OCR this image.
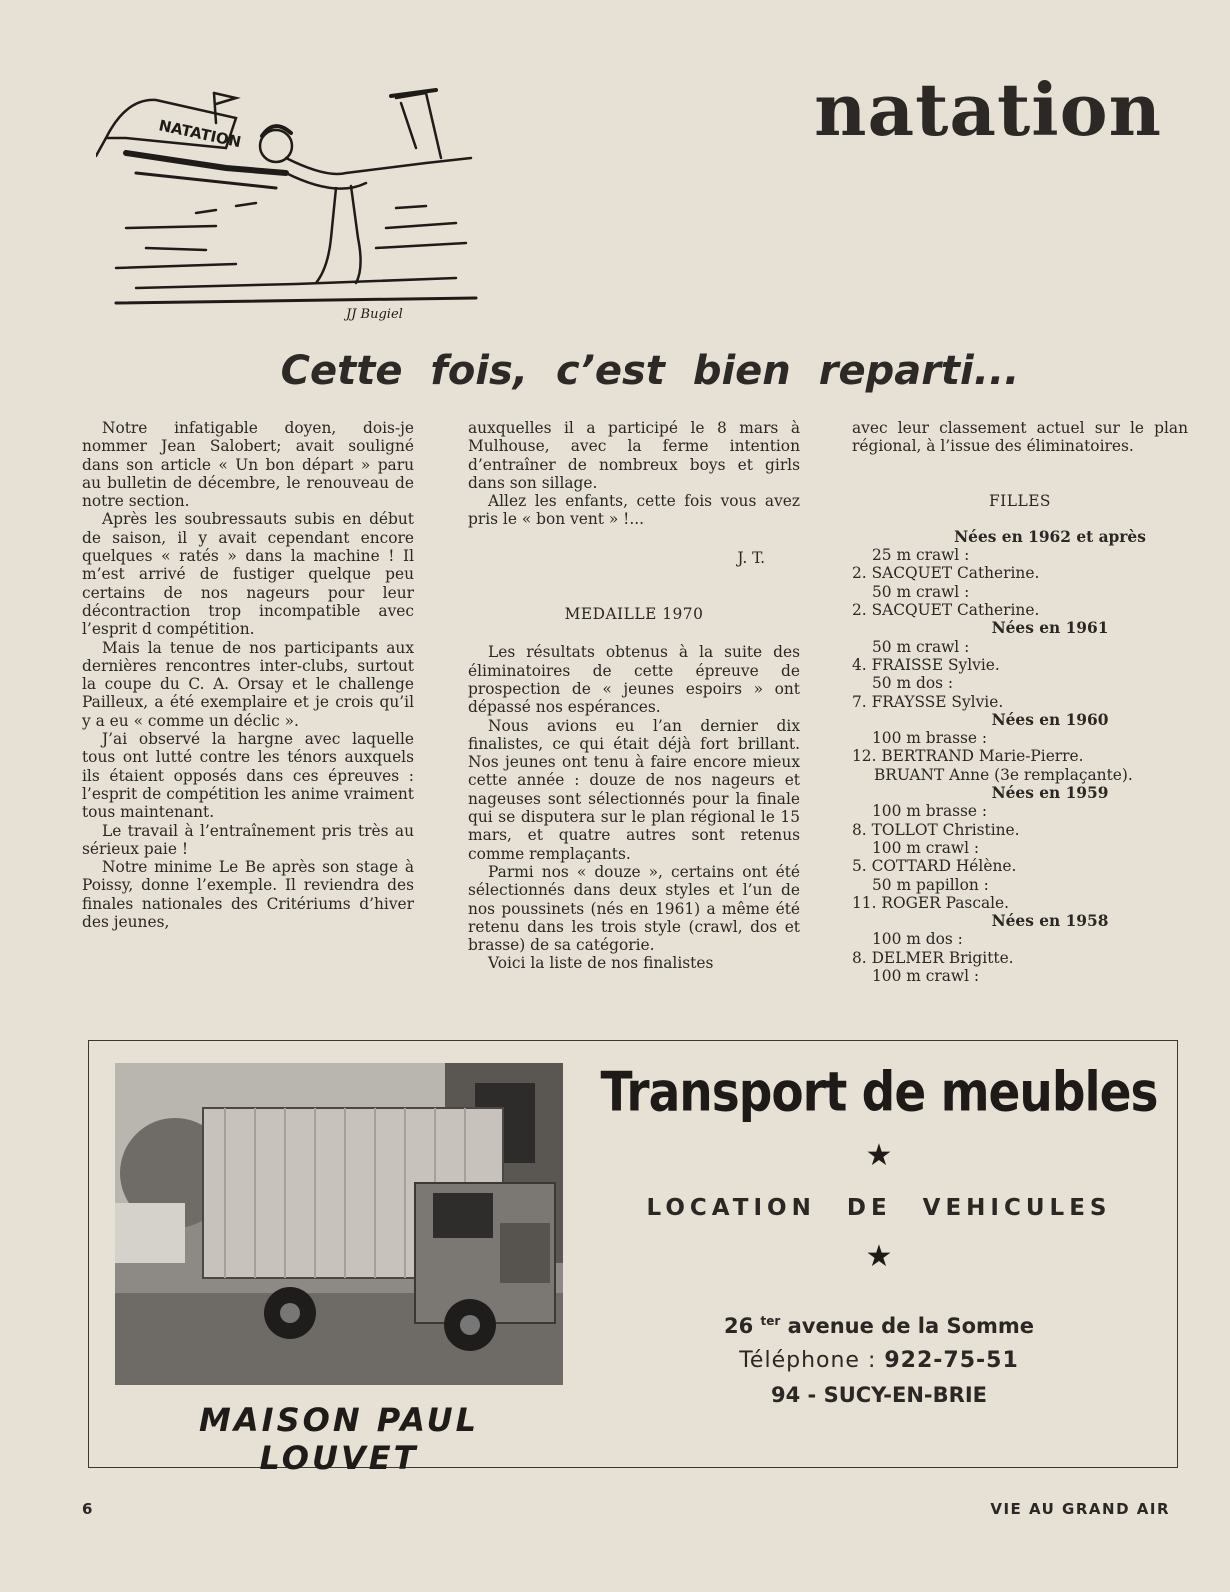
NATATION
JJ Bugiel
natation
Cette fois, c’est bien reparti...

Notre infatigable doyen, dois-je nommer Jean Salobert; avait souligné dans son article « Un bon départ » paru au bulletin de décembre, le renouveau de notre section.

Après les soubressauts subis en début de saison, il y avait cependant encore quelques « ratés » dans la machine ! Il m’est arrivé de fustiger quelque peu certains de nos nageurs pour leur décontraction trop incompatible avec l’esprit d compétition.

Mais la tenue de nos participants aux dernières rencontres inter-clubs, surtout la coupe du C. A. Orsay et le challenge Pailleux, a été exemplaire et je crois qu’il y a eu « comme un déclic ».

J’ai observé la hargne avec laquelle tous ont lutté contre les ténors auxquels ils étaient opposés dans ces épreuves : l’esprit de compétition les anime vraiment tous maintenant.

Le travail à l’entraînement pris très au sérieux paie !

Notre minime Le Be après son stage à Poissy, donne l’exemple. Il reviendra des finales nationales des Critériums d’hiver des jeunes,

auxquelles il a participé le 8 mars à Mulhouse, avec la ferme intention d’entraîner de nombreux boys et girls dans son sillage.

Allez les enfants, cette fois vous avez pris le « bon vent » !...

J. T.

MEDAILLE 1970

Les résultats obtenus à la suite des éliminatoires de cette épreuve de prospection de « jeunes espoirs » ont dépassé nos espérances.

Nous avions eu l’an dernier dix finalistes, ce qui était déjà fort brillant. Nos jeunes ont tenu à faire encore mieux cette année : douze de nos nageurs et nageuses sont sélectionnés pour la finale qui se disputera sur le plan régional le 15 mars, et quatre autres sont retenus comme remplaçants.

Parmi nos « douze », certains ont été sélectionnés dans deux styles et l’un de nos poussinets (nés en 1961) a même été retenu dans les trois style (crawl, dos et brasse) de sa catégorie.

Voici la liste de nos finalistes

avec leur classement actuel sur le plan régional, à l’issue des éliminatoires.

FILLES
Nées en 1962 et après
25 m crawl :
2. SACQUET Catherine.
50 m crawl :
2. SACQUET Catherine.
Nées en 1961
50 m crawl :
4. FRAISSE Sylvie.
50 m dos :
7. FRAYSSE Sylvie.
Nées en 1960
100 m brasse :
12. BERTRAND Marie-Pierre.
BRUANT Anne (3e remplaçante).
Nées en 1959
100 m brasse :
8. TOLLOT Christine.
100 m crawl :
5. COTTARD Hélène.
50 m papillon :
11. ROGER Pascale.
Nées en 1958
100 m dos :
8. DELMER Brigitte.
100 m crawl :
MAISON PAUL LOUVET
Transport de meubles
★
LOCATION DE VEHICULES
★
26 $^{ter}$ avenue de la Somme
Téléphone : 922-75-51
94 - SUCY-EN-BRIE
6	VIE AU GRAND AIR
